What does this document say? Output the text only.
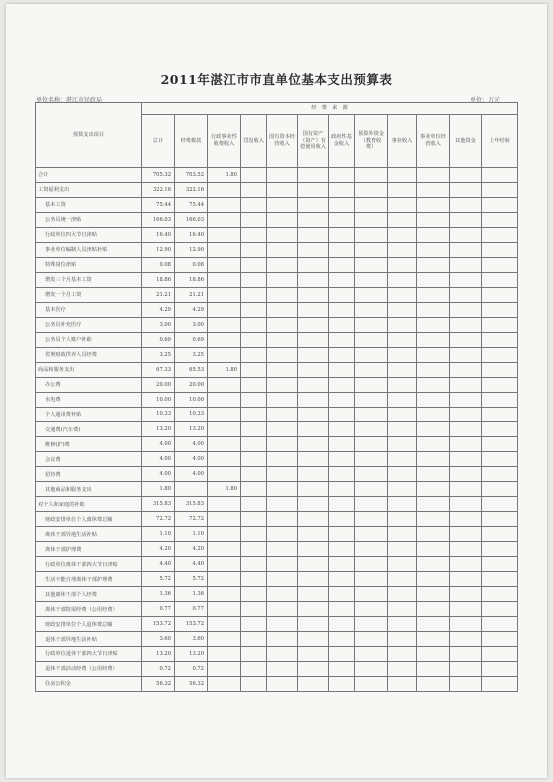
2011年湛江市市直单位基本支出预算表
单位名称：湛江市民政局	单位：万元
预算支出项目	经　费　来　源											
	总计	经费拨款	行政事业性收费收入	罚没收入	国有资本经营收入	国有资产（资产）有偿使用收入	政府性基金收入	预算外资金（教育收费）	事业收入	事业单位经营收入	其他资金	上年结转
合计	705.32	703.52	1.80									
工资福利支出	322.16	322.16										
基本工资	75.44	75.44										
公务员统一津贴	166.03	166.03										
行政单位四大节日津贴	16.40	16.40										
事业单位编制人员津贴补贴	12.90	12.90										
特殊岗位津贴	0.08	0.08										
增发三个月基本工资	18.86	18.86										
增发一个月工资	21.21	21.21										
基本医疗	4.29	4.29										
公务员补充医疗	3.00	3.00										
公务员个人账户补助	0.69	0.69										
省规财政供养人员经费	3.25	3.25										
商品和服务支出	67.33	65.53	1.80									
办公费	20.00	20.00										
水电费	10.00	10.00										
个人通讯费补贴	10.33	10.33										
交通费(汽车费)	13.20	13.20										
维修(护)费	4.00	4.00										
会议费	4.00	4.00										
招待费	4.00	4.00										
其他商品和服务支出	1.80		1.80									
对个人和家庭的补助	315.83	315.83										
财政安排单位个人离休费总额	72.72	72.72										
离休干部异地生活补贴	1.10	1.10										
离休干部护理费	4.20	4.20										
行政单位离休干部四大节日津贴	4.40	4.40										
生活不能自理离休干部护理费	5.72	5.72										
其他离休干部个人经费	1.36	1.36										
离休干部特需经费（公用经费）	0.77	0.77										
财政安排单位个人退休费总额	153.72	153.72										
退休干部异地生活补贴	3.60	3.60										
行政单位退休干部四大节日津贴	13.20	13.20										
退休干部活动经费（公用经费）	0.72	0.72										
住房公积金	56.32	56.32										
